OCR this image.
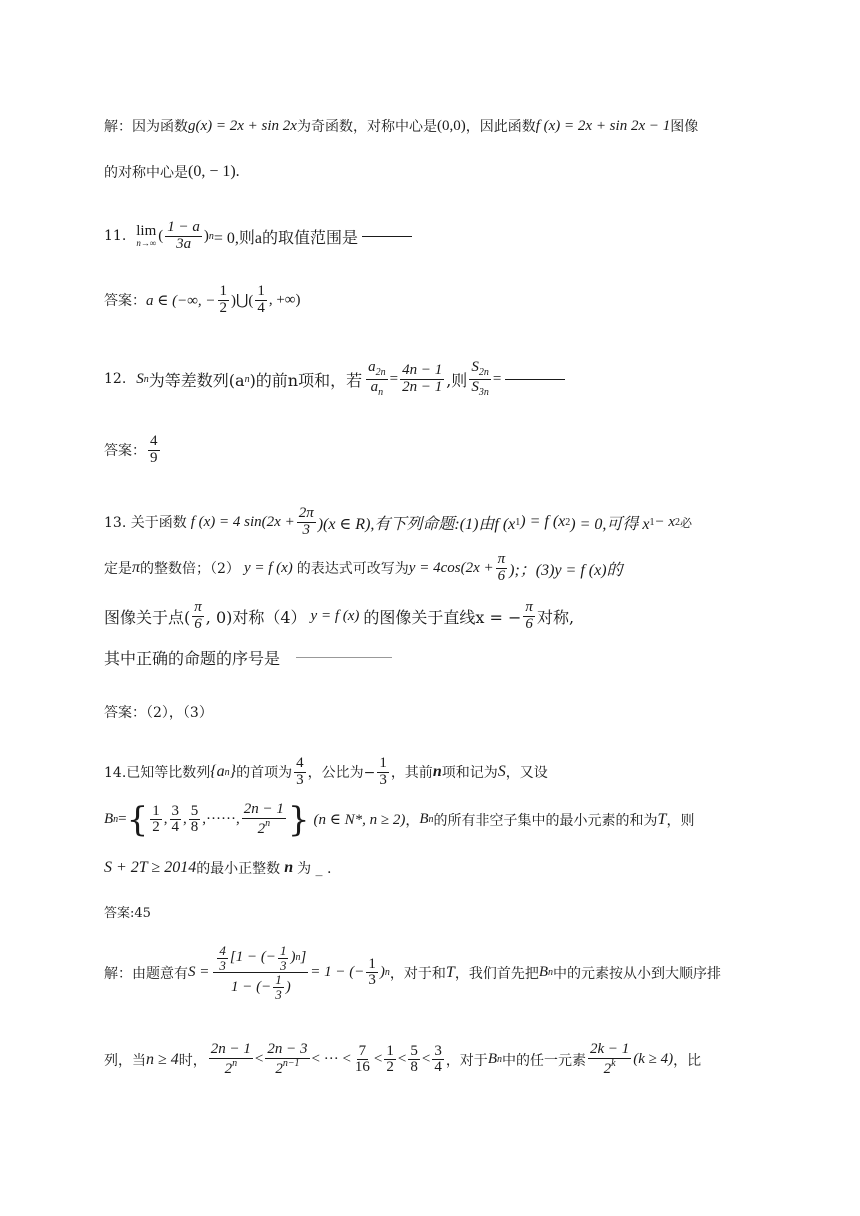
解：因为函数 g(x) = 2x + sin 2x 为奇函数，对称中心是 (0,0) ，因此函数 f (x) = 2x + sin 2x − 1 图像
的对称中心是 (0, − 1).
11. lim
n→∞ ( $\frac{1 - a}{3a}$ ) n = 0,则a的取值范围是
答案： a ∈ (−∞, − $\frac{1}{2}$ )⋃( $\frac{1}{4}$ , +∞)
12. S n 为等差数列(a n )的前n项和，若 $\frac{a_{2n}}{a_n} = \frac{4n - 1}{2n - 1}$ ,则 $\frac{S_{2n}}{S_{3n}}$ =
答案： $\frac{4}{9}$
13. 关于函数 f (x) = 4 $\sin(2x + \frac{2\pi}{3} )(x$ ∈ R),有下列命题:(1)由f (x 1 ) = f (x 2 ) = 0,可得 x 1 − x 2 必
定是 π 的整数倍；（2） y = f (x) 的表达式可改写为 $y = 4\cos(2x + \frac{\pi}{6}$ );；(3)y = f (x)的
图像关于点( $\frac{\pi}{6}$ , 0)对称（4） y = f (x) 的图像关于直线x = − $\frac{\pi}{6}$ 对称,
其中正确的命题的序号是
答案：（2），（3）
14.已知等比数列 {a n } 的首项为 $\frac{4}{3}$ ，公比为− $\frac{1}{3}$ ，其前 n 项和记为 S ，又设
B n = { $\frac{1}{2}$ , $\frac{3}{4}$ , $\frac{5}{8}$ ,······, $\frac{2n - 1}{2^n}$ } (n ∈ N*, n ≥ 2) ， B n 的所有非空子集中的最小元素的和为 T ，则
S + 2T ≥ 2014 的最小正整数 n 为 _ .
答案:45
解：由题意有 $S = \frac{\frac{4}{3} [1 - (- \frac{1}{3} ) n ]}{1 - (- \frac{1}{3} )} = 1$ − (− $\frac{1}{3}$ ) n ，对于和 T ，我们首先把 B n 中的元素按从小到大顺序排
列，当 n ≥ 4 时， $\frac{2n - 1}{2^n} < \frac{2n - 3}{2^{n-1}}$ < ··· < $\frac{7}{16} < \frac{1}{2} < \frac{5}{8} < \frac{3}{4}$ ，对于 B n 中的任一元素 $\frac{2k - 1}{2^k} (k \ge 4)$ ，比
